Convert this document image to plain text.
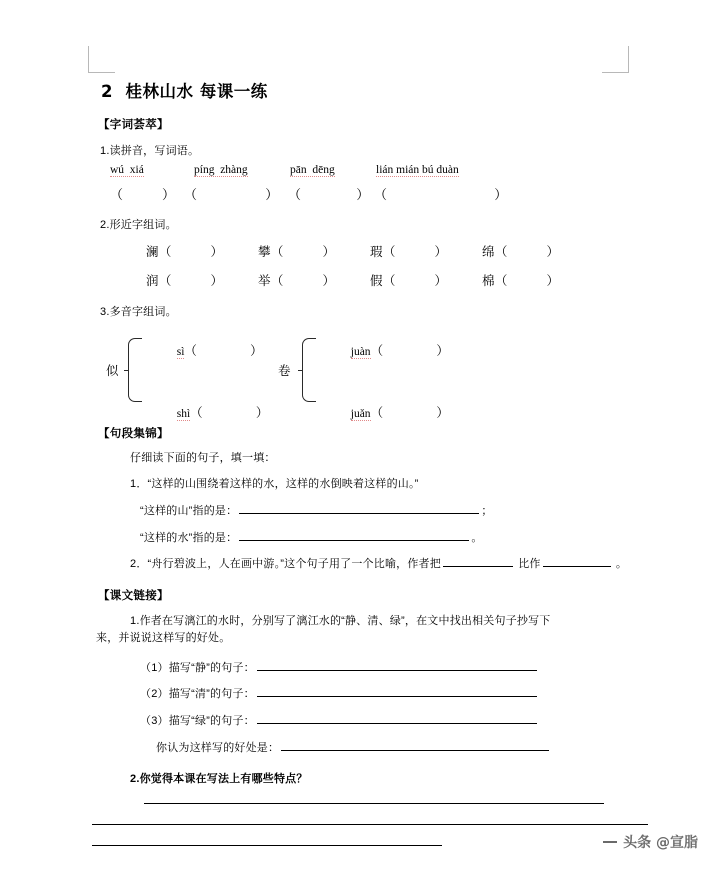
2  桂林山水 每课一练
【字词荟萃】
1.读拼音，写词语。
wú  xiá	píng  zhàng	pān  dēng	lián mián bú duàn
（            ） （                     ） （                 ） （                                 ）
2.形近字组词。
澜（          ）	攀（          ）	瑕（          ）	绵（          ）
润（          ）	举（          ）	假（          ）	棉（          ）
3.多音字组词。
似

sì（          ）

shì（          ）

卷

juàn（          ）

juǎn（          ）

【句段集锦】
仔细读下面的句子，填一填：
1．“这样的山围绕着这样的水，这样的水倒映着这样的山。”
“这样的山”指的是：	；
“这样的水”指的是：	。
2．“舟行碧波上，人在画中游。”这个句子用了一个比喻，作者把	比作	。
【课文链接】
1.作者在写漓江的水时，分别写了漓江水的“静、清、绿”，在文中找出相关句子抄写下
来，并说说这样写的好处。
（1）描写“静”的句子：
（2）描写“清”的句子：
（3）描写“绿”的句子：
你认为这样写的好处是：
2.你觉得本课在写法上有哪些特点？
头条 @宣脂
